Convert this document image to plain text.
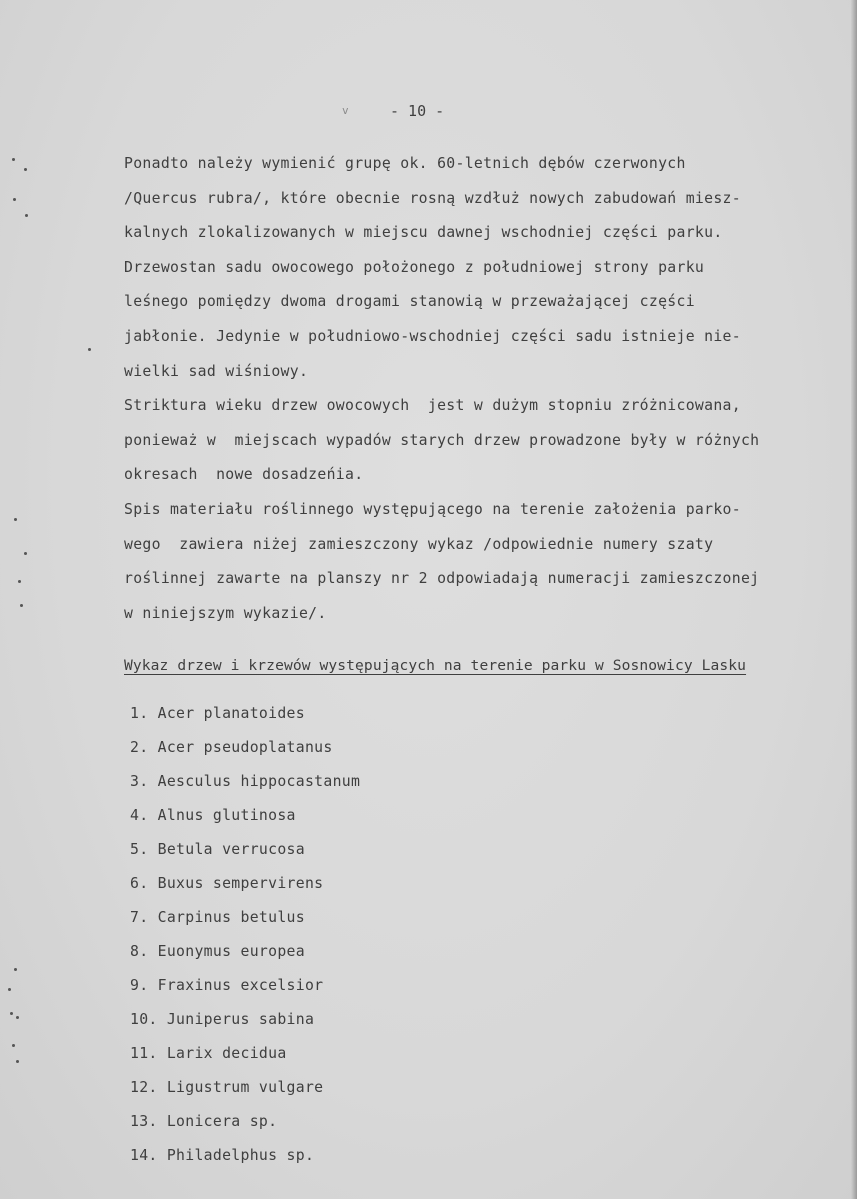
v	- 10 -
Ponadto należy wymienić grupę ok. 60-letnich dębów czerwonych
/Quercus rubra/, które obecnie rosną wzdłuż nowych zabudowań miesz-
kalnych zlokalizowanych w miejscu dawnej wschodniej części parku.
Drzewostan sadu owocowego położonego z południowej strony parku
leśnego pomiędzy dwoma drogami stanowią w przeważającej części
jabłonie. Jedynie w południowo-wschodniej części sadu istnieje nie-
wielki sad wiśniowy.
Striktura wieku drzew owocowych  jest w dużym stopniu zróżnicowana,
ponieważ w  miejscach wypadów starych drzew prowadzone były w różnych
okresach  nowe dosadzeńia.
Spis materiału roślinnego występującego na terenie założenia parko-
wego  zawiera niżej zamieszczony wykaz /odpowiednie numery szaty
roślinnej zawarte na planszy nr 2 odpowiadają numeracji zamieszczonej
w niniejszym wykazie/.
Wykaz drzew i krzewów występujących na terenie parku w Sosnowicy Lasku
1. Acer planatoides
2. Acer pseudoplatanus
3. Aesculus hippocastanum
4. Alnus glutinosa
5. Betula verrucosa
6. Buxus sempervirens
7. Carpinus betulus
8. Euonymus europea
9. Fraxinus excelsior
10. Juniperus sabina
11. Larix decidua
12. Ligustrum vulgare
13. Lonicera sp.
14. Philadelphus sp.
